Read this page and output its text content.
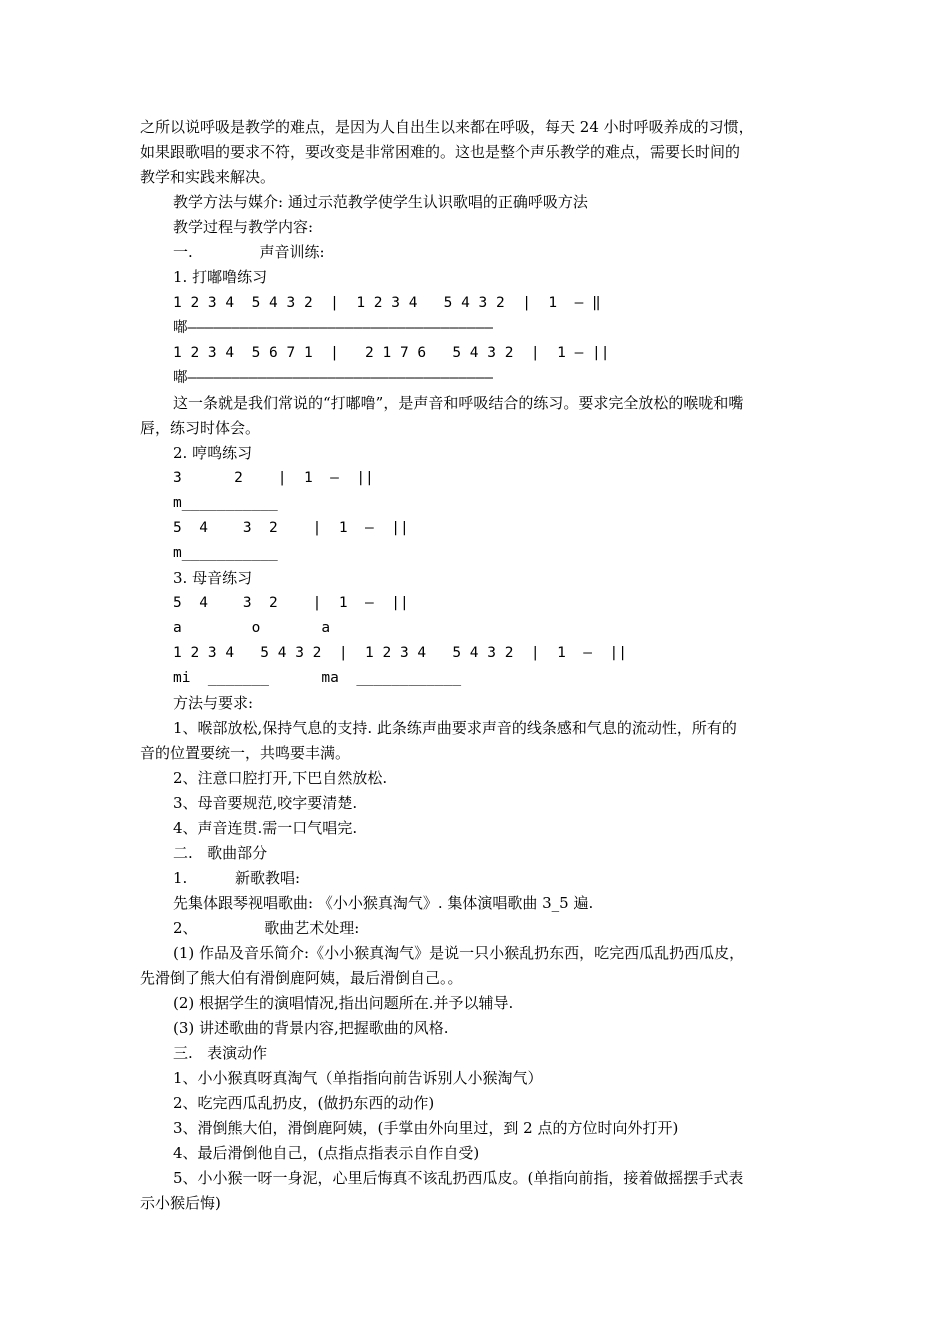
之所以说呼吸是教学的难点，是因为人自出生以来都在呼吸，每天 24 小时呼吸养成的习惯，

如果跟歌唱的要求不符，要改变是非常困难的。这也是整个声乐教学的难点，需要长时间的

教学和实践来解决。

教学方法与媒介: 通过示范教学使学生认识歌唱的正确呼吸方法

教学过程与教学内容:

一.              声音训练:

1. 打嘟噜练习

1 2 3 4  5 4 3 2  ∣  1 2 3 4   5 4 3 2  ∣  1  — ‖

嘟———————————————————————————————————

1 2 3 4  5 6 7 1  ∣   2 1 7 6   5 4 3 2  ∣  1 — ||

嘟———————————————————————————————————

这一条就是我们常说的“打嘟噜”，是声音和呼吸结合的练习。要求完全放松的喉咙和嘴

唇，练习时体会。

2. 哼鸣练习

3      2    ∣  1  —  ||

m___________

5  4    3  2    ∣  1  —  ||

m___________

3. 母音练习

5  4    3  2    ∣  1  —  ||

a        o       a

1 2 3 4   5 4 3 2  ∣  1 2 3 4   5 4 3 2  ∣  1  —  ||

mi  _______      ma  ____________

方法与要求:

1、喉部放松,保持气息的支持. 此条练声曲要求声音的线条感和气息的流动性，所有的

音的位置要统一，共鸣要丰满。

2、注意口腔打开,下巴自然放松.

3、母音要规范,咬字要清楚.

4、声音连贯.需一口气唱完.

二.   歌曲部分

1.          新歌教唱:

先集体跟琴视唱歌曲: 《小小猴真淘气》. 集体演唱歌曲 3_5 遍.

2、              歌曲艺术处理:

(1) 作品及音乐简介:《小小猴真淘气》是说一只小猴乱扔东西，吃完西瓜乱扔西瓜皮，

先滑倒了熊大伯有滑倒鹿阿姨，最后滑倒自己。。

(2) 根据学生的演唱情况,指出问题所在.并予以辅导.

(3) 讲述歌曲的背景内容,把握歌曲的风格.

三.   表演动作

1、小小猴真呀真淘气（单指指向前告诉别人小猴淘气）

2、吃完西瓜乱扔皮，(做扔东西的动作)

3、滑倒熊大伯，滑倒鹿阿姨，(手掌由外向里过，到 2 点的方位时向外打开)

4、最后滑倒他自己，(点指点指表示自作自受)

5、小小猴一呀一身泥，心里后悔真不该乱扔西瓜皮。(单指向前指，接着做摇摆手式表

示小猴后悔)
